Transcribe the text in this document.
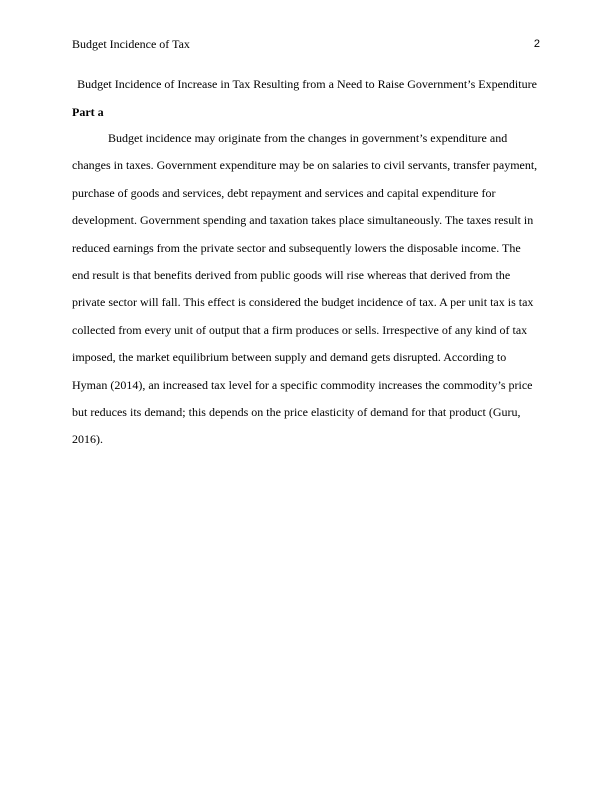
Budget Incidence of Tax	2
Budget Incidence of Increase in Tax Resulting from a Need to Raise Government’s Expenditure
Part a
Budget incidence may originate from the changes in government’s expenditure and
changes in taxes. Government expenditure may be on salaries to civil servants, transfer payment,
purchase of goods and services, debt repayment and services and capital expenditure for
development. Government spending and taxation takes place simultaneously. The taxes result in
reduced earnings from the private sector and subsequently lowers the disposable income. The
end result is that benefits derived from public goods will rise whereas that derived from the
private sector will fall. This effect is considered the budget incidence of tax. A per unit tax is tax
collected from every unit of output that a firm produces or sells. Irrespective of any kind of tax
imposed, the market equilibrium between supply and demand gets disrupted. According to
Hyman (2014), an increased tax level for a specific commodity increases the commodity’s price
but reduces its demand; this depends on the price elasticity of demand for that product (Guru,
2016).
